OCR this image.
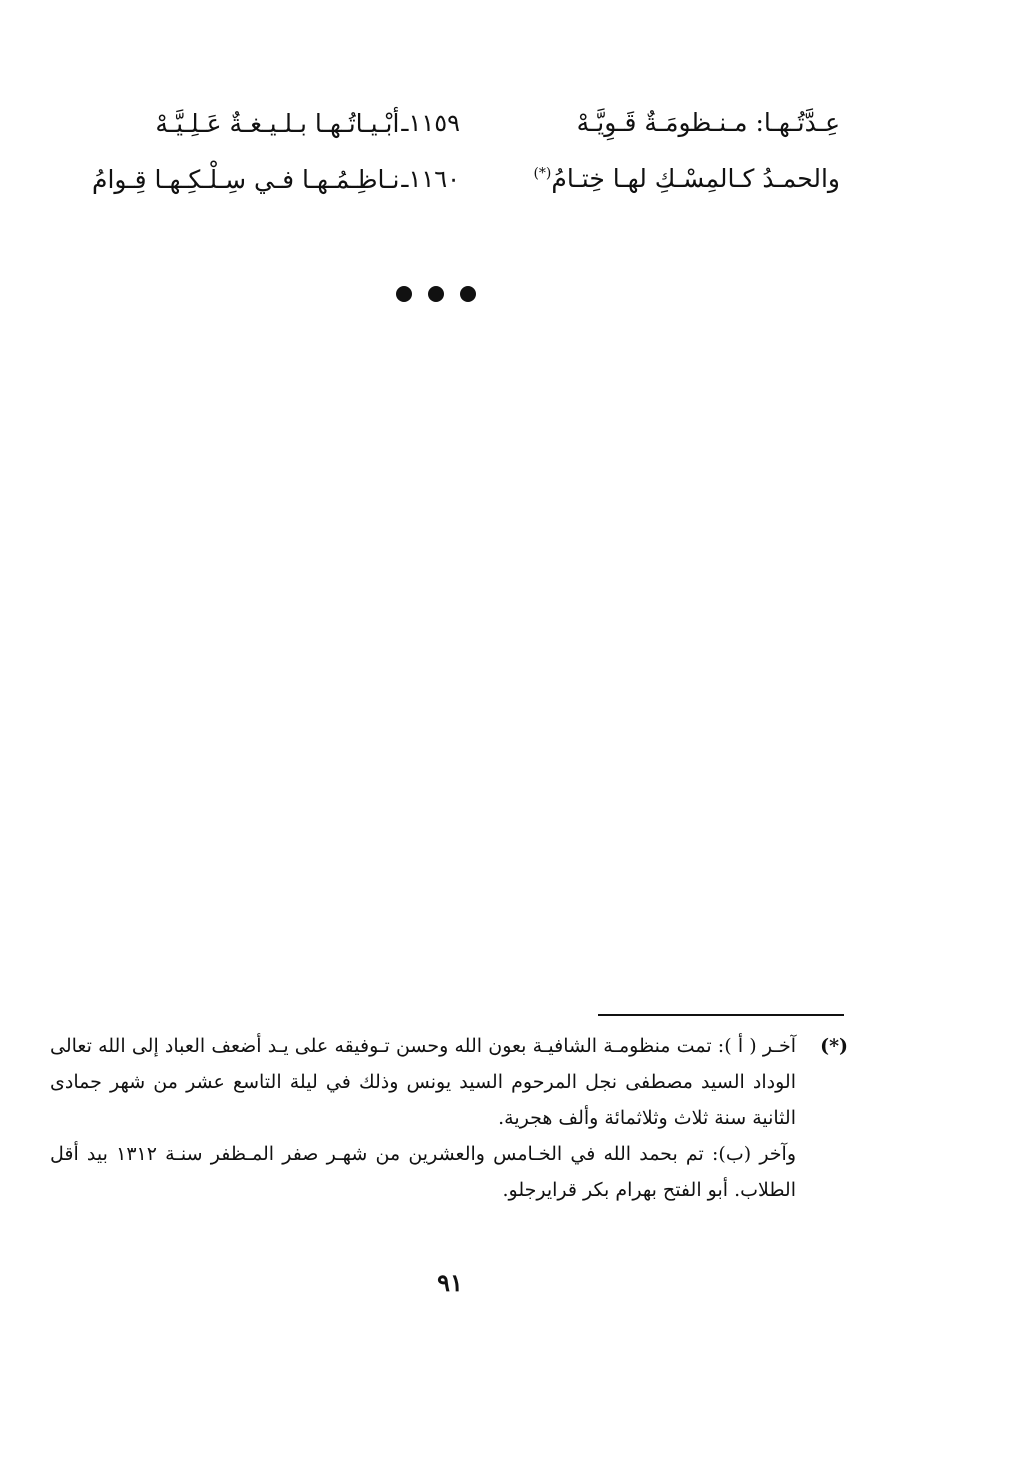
١١٥٩ـ
أبْـيـاتُـهـا بـلـيـغـةٌ عَـلِـيَّـهْ	عِـدَّتُـهـا: مـنـظومَـةٌ قَـوِيَّـهْ
١١٦٠ـ
نـاظِـمُـهـا فـي سِـلْـكِـهـا قِـوامُ	والحمـدُ كـالمِسْـكِ لهـا خِتـامُ(*)
(*)

آخـر ( أ ): تمت منظومـة الشافيـة بعون الله وحسن تـوفيقه على يـد أضعف العباد إلى الله تعالى الوداد السيد مصطفى نجل المرحوم السيد يونس وذلك في ليلة التاسع عشر من شهر جمادى الثانية سنة ثلاث وثلاثمائة وألف هجرية.

وآخر (ب): تم بحمد الله في الخـامس والعشرين من شهـر صفر المـظفر سنـة ١٣١٢ بيد أقل الطلاب. أبو الفتح بهرام بكر قرايرجلو.

٩١
